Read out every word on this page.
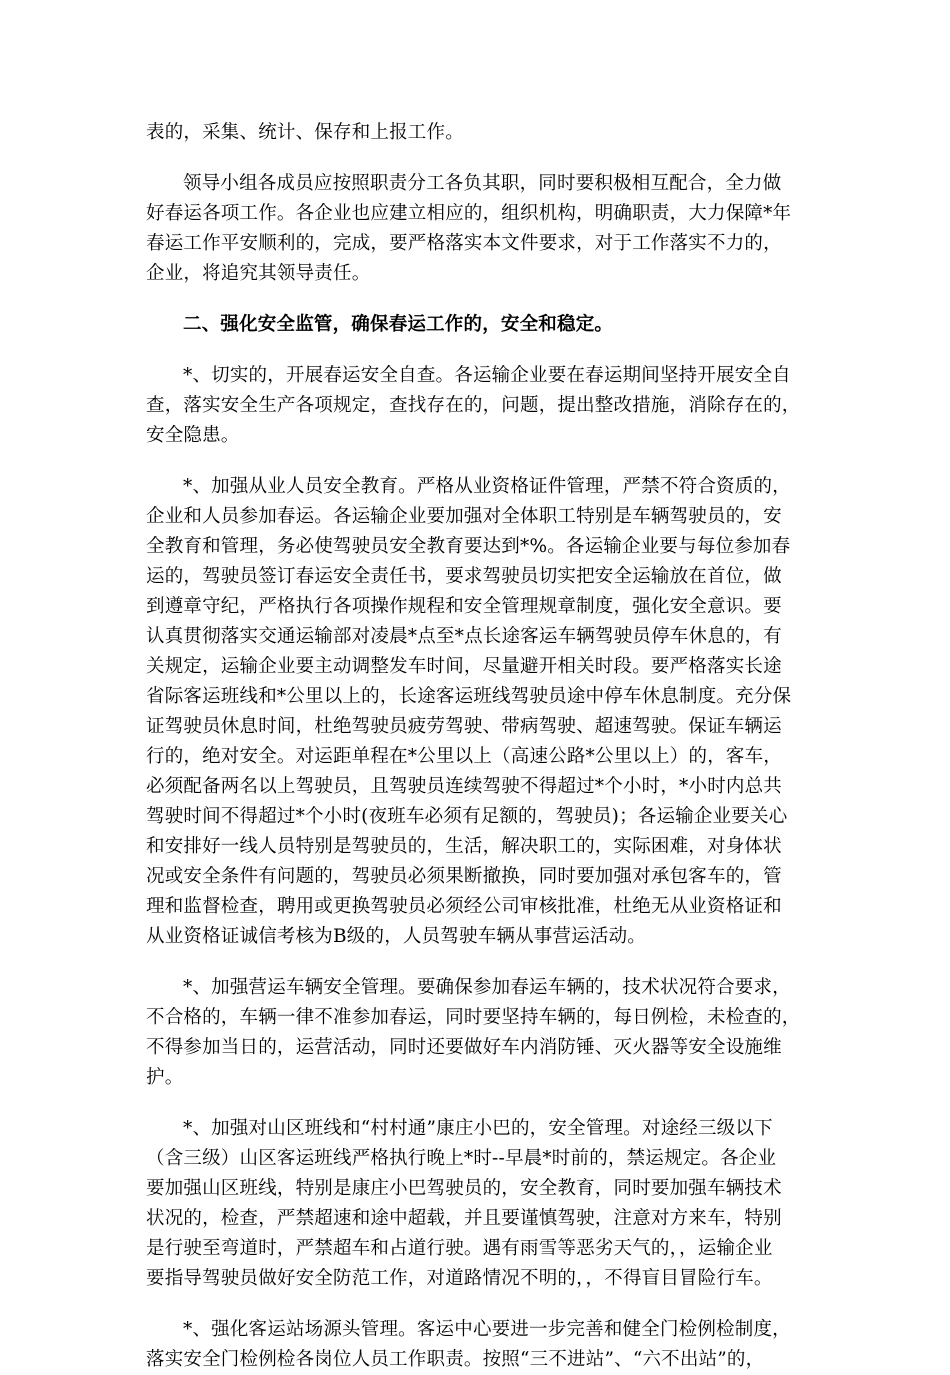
表的，采集、统计、保存和上报工作。

领导小组各成员应按照职责分工各负其职，同时要积极相互配合，全力做
好春运各项工作。各企业也应建立相应的，组织机构，明确职责，大力保障*年
春运工作平安顺利的，完成，要严格落实本文件要求，对于工作落实不力的，
企业，将追究其领导责任。

二、强化安全监管，确保春运工作的，安全和稳定。

*、切实的，开展春运安全自查。各运输企业要在春运期间坚持开展安全自
查，落实安全生产各项规定，查找存在的，问题，提出整改措施，消除存在的，
安全隐患。

*、加强从业人员安全教育。严格从业资格证件管理，严禁不符合资质的，
企业和人员参加春运。各运输企业要加强对全体职工特别是车辆驾驶员的，安
全教育和管理，务必使驾驶员安全教育要达到*%。各运输企业要与每位参加春
运的，驾驶员签订春运安全责任书，要求驾驶员切实把安全运输放在首位，做
到遵章守纪，严格执行各项操作规程和安全管理规章制度，强化安全意识。要
认真贯彻落实交通运输部对凌晨*点至*点长途客运车辆驾驶员停车休息的，有
关规定，运输企业要主动调整发车时间，尽量避开相关时段。要严格落实长途
省际客运班线和*公里以上的，长途客运班线驾驶员途中停车休息制度。充分保
证驾驶员休息时间，杜绝驾驶员疲劳驾驶、带病驾驶、超速驾驶。保证车辆运
行的，绝对安全。对运距单程在*公里以上（高速公路*公里以上）的，客车，
必须配备两名以上驾驶员，且驾驶员连续驾驶不得超过*个小时，*小时内总共
驾驶时间不得超过*个小时(夜班车必须有足额的，驾驶员)；各运输企业要关心
和安排好一线人员特别是驾驶员的，生活，解决职工的，实际困难，对身体状
况或安全条件有问题的，驾驶员必须果断撤换，同时要加强对承包客车的，管
理和监督检查，聘用或更换驾驶员必须经公司审核批准，杜绝无从业资格证和
从业资格证诚信考核为B级的，人员驾驶车辆从事营运活动。

*、加强营运车辆安全管理。要确保参加春运车辆的，技术状况符合要求，
不合格的，车辆一律不准参加春运，同时要坚持车辆的，每日例检，未检查的，
不得参加当日的，运营活动，同时还要做好车内消防锤、灭火器等安全设施维
护。

*、加强对山区班线和“村村通”康庄小巴的，安全管理。对途经三级以下
（含三级）山区客运班线严格执行晚上*时--早晨*时前的，禁运规定。各企业
要加强山区班线，特别是康庄小巴驾驶员的，安全教育，同时要加强车辆技术
状况的，检查，严禁超速和途中超载，并且要谨慎驾驶，注意对方来车，特别
是行驶至弯道时，严禁超车和占道行驶。遇有雨雪等恶劣天气的，，运输企业
要指导驾驶员做好安全防范工作，对道路情况不明的，，不得盲目冒险行车。

*、强化客运站场源头管理。客运中心要进一步完善和健全门检例检制度，
落实安全门检例检各岗位人员工作职责。按照“三不进站”、“六不出站”的，
